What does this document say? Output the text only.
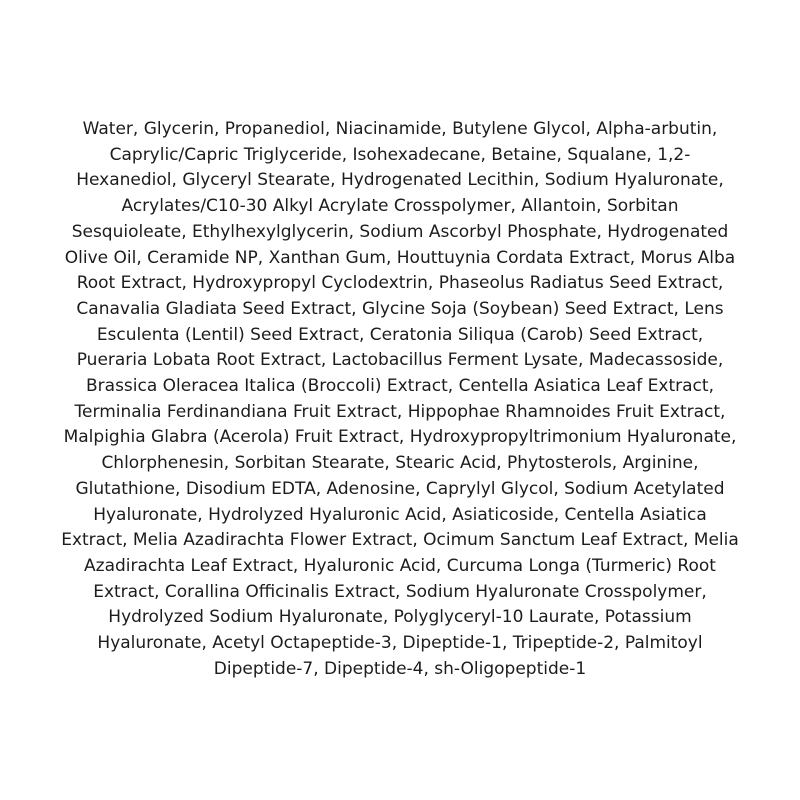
Water, Glycerin, Propanediol, Niacinamide, Butylene Glycol, Alpha-arbutin,
Caprylic/Capric Triglyceride, Isohexadecane, Betaine, Squalane, 1,2-
Hexanediol, Glyceryl Stearate, Hydrogenated Lecithin, Sodium Hyaluronate,
Acrylates/C10-30 Alkyl Acrylate Crosspolymer, Allantoin, Sorbitan
Sesquioleate, Ethylhexylglycerin, Sodium Ascorbyl Phosphate, Hydrogenated
Olive Oil, Ceramide NP, Xanthan Gum, Houttuynia Cordata Extract, Morus Alba
Root Extract, Hydroxypropyl Cyclodextrin, Phaseolus Radiatus Seed Extract,
Canavalia Gladiata Seed Extract, Glycine Soja (Soybean) Seed Extract, Lens
Esculenta (Lentil) Seed Extract, Ceratonia Siliqua (Carob) Seed Extract,
Pueraria Lobata Root Extract, Lactobacillus Ferment Lysate, Madecassoside,
Brassica Oleracea Italica (Broccoli) Extract, Centella Asiatica Leaf Extract,
Terminalia Ferdinandiana Fruit Extract, Hippophae Rhamnoides Fruit Extract,
Malpighia Glabra (Acerola) Fruit Extract, Hydroxypropyltrimonium Hyaluronate,
Chlorphenesin, Sorbitan Stearate, Stearic Acid, Phytosterols, Arginine,
Glutathione, Disodium EDTA, Adenosine, Caprylyl Glycol, Sodium Acetylated
Hyaluronate, Hydrolyzed Hyaluronic Acid, Asiaticoside, Centella Asiatica
Extract, Melia Azadirachta Flower Extract, Ocimum Sanctum Leaf Extract, Melia
Azadirachta Leaf Extract, Hyaluronic Acid, Curcuma Longa (Turmeric) Root
Extract, Corallina Officinalis Extract, Sodium Hyaluronate Crosspolymer,
Hydrolyzed Sodium Hyaluronate, Polyglyceryl-10 Laurate, Potassium
Hyaluronate, Acetyl Octapeptide-3, Dipeptide-1, Tripeptide-2, Palmitoyl
Dipeptide-7, Dipeptide-4, sh-Oligopeptide-1
